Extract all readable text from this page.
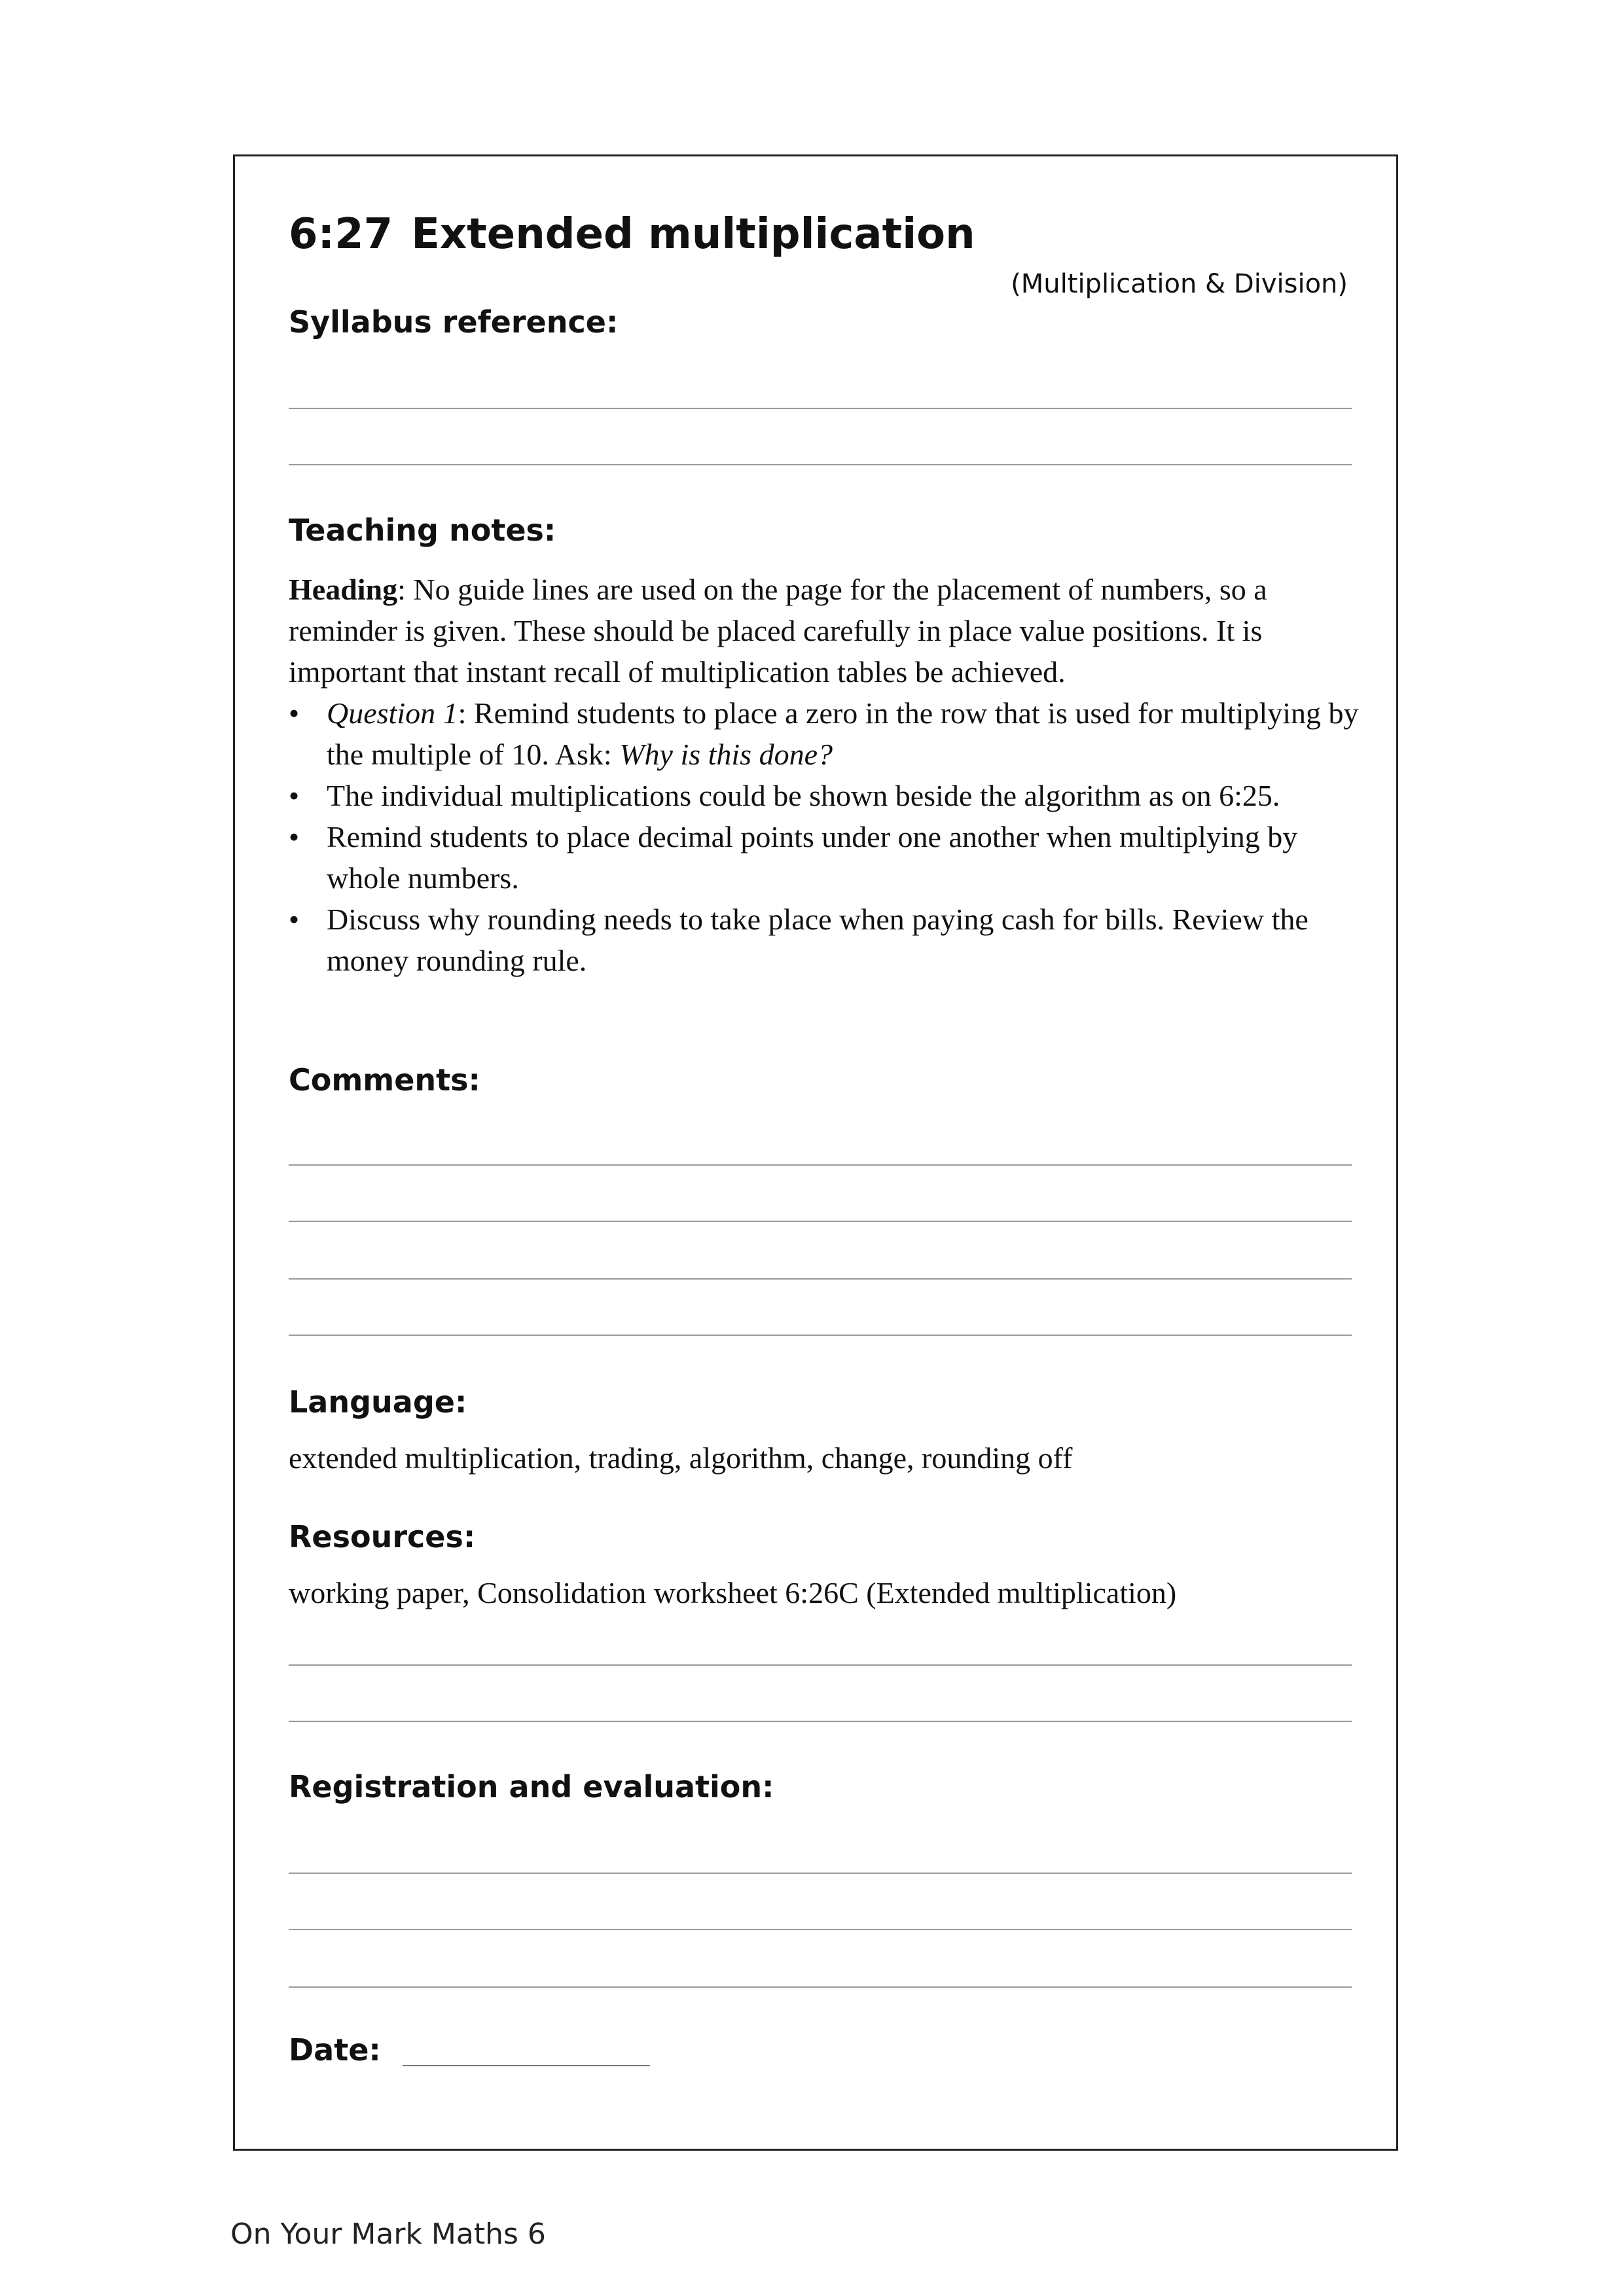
6:27 Extended multiplication
(Multiplication & Division)
Syllabus reference:
Teaching notes:

Heading: No guide lines are used on the page for the placement of numbers, so a reminder is given. These should be placed carefully in place value positions. It is important that instant recall of multiplication tables be achieved.

• Question 1: Remind students to place a zero in the row that is used for multiplying by the multiple of 10. Ask: Why is this done?
• The individual multiplications could be shown beside the algorithm as on 6:25.
• Remind students to place decimal points under one another when multiplying by whole numbers.
• Discuss why rounding needs to take place when paying cash for bills. Review the money rounding rule.
Comments:
Language:
extended multiplication, trading, algorithm, change, rounding off
Resources:
working paper, Consolidation worksheet 6:26C (Extended multiplication)
Registration and evaluation:
Date:
On Your Mark Maths 6
